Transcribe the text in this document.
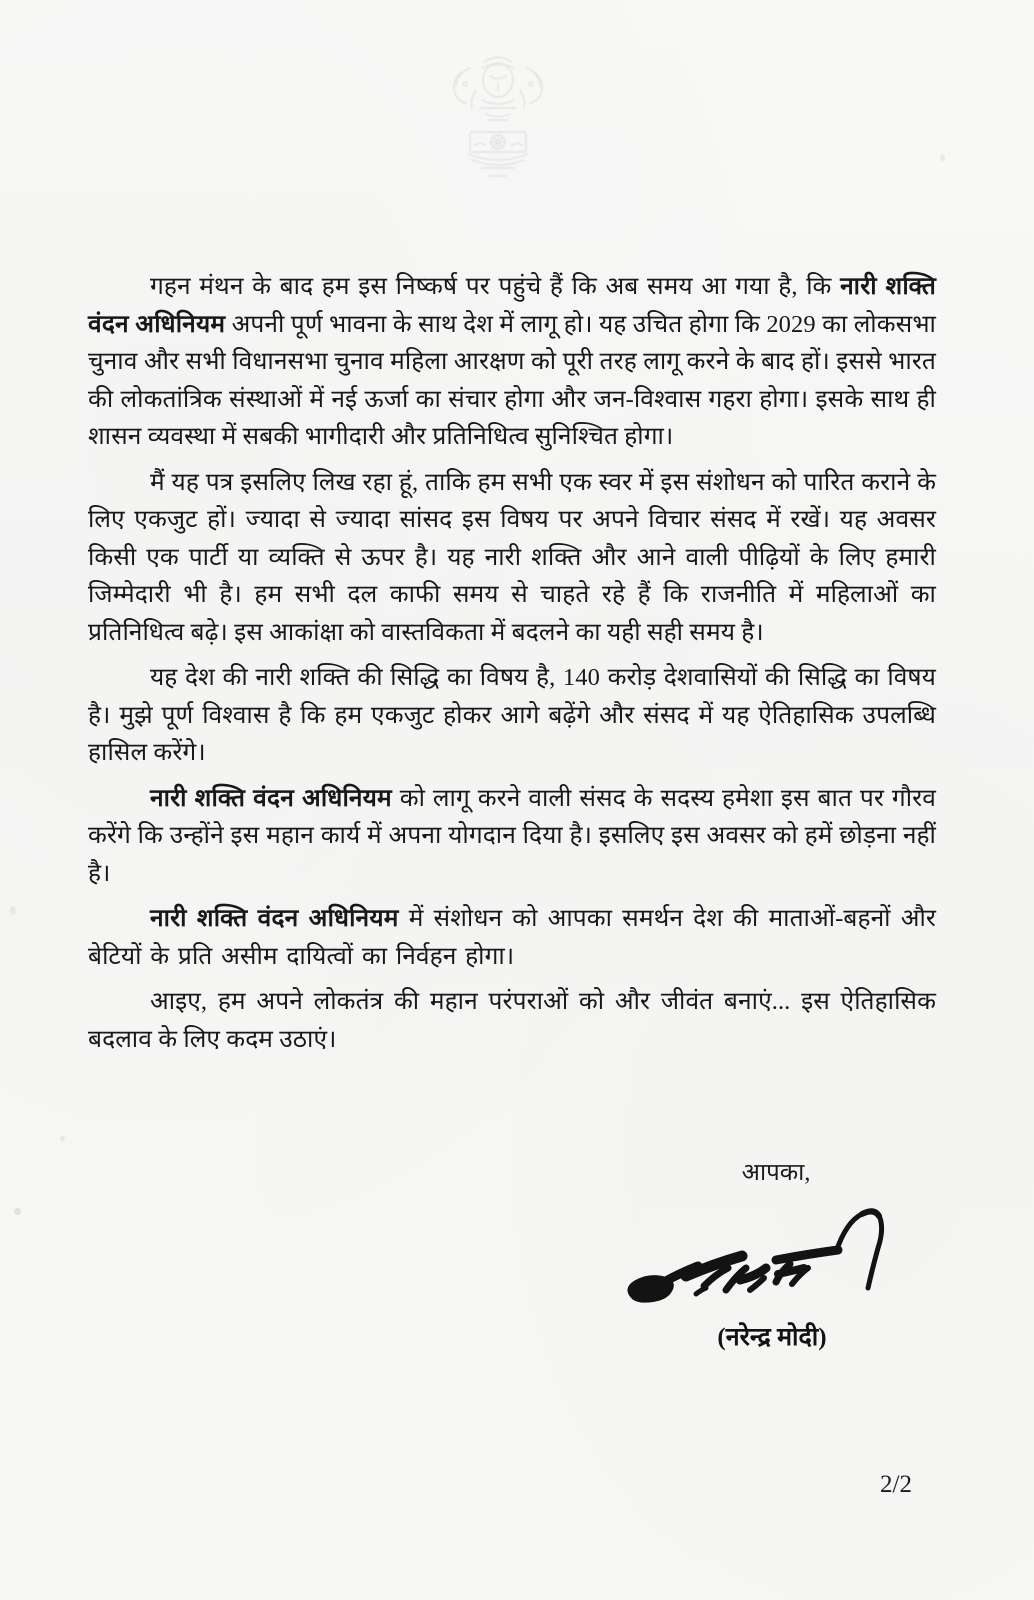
गहन मंथन के बाद हम इस निष्कर्ष पर पहुंचे हैं कि अब समय आ गया है, कि नारी शक्ति वंदन अधिनियम अपनी पूर्ण भावना के साथ देश में लागू हो। यह उचित होगा कि 2029 का लोकसभा चुनाव और सभी विधानसभा चुनाव महिला आरक्षण को पूरी तरह लागू करने के बाद हों। इससे भारत की लोकतांत्रिक संस्थाओं में नई ऊर्जा का संचार होगा और जन-विश्वास गहरा होगा। इसके साथ ही शासन व्यवस्था में सबकी भागीदारी और प्रतिनिधित्व सुनिश्चित होगा।

मैं यह पत्र इसलिए लिख रहा हूं, ताकि हम सभी एक स्वर में इस संशोधन को पारित कराने के लिए एकजुट हों। ज्यादा से ज्यादा सांसद इस विषय पर अपने विचार संसद में रखें। यह अवसर किसी एक पार्टी या व्यक्ति से ऊपर है। यह नारी शक्ति और आने वाली पीढ़ियों के लिए हमारी जिम्मेदारी भी है। हम सभी दल काफी समय से चाहते रहे हैं कि राजनीति में महिलाओं का प्रतिनिधित्व बढ़े। इस आकांक्षा को वास्तविकता में बदलने का यही सही समय है।

यह देश की नारी शक्ति की सिद्धि का विषय है, 140 करोड़ देशवासियों की सिद्धि का विषय है। मुझे पूर्ण विश्वास है कि हम एकजुट होकर आगे बढ़ेंगे और संसद में यह ऐतिहासिक उपलब्धि हासिल करेंगे।

नारी शक्ति वंदन अधिनियम को लागू करने वाली संसद के सदस्य हमेशा इस बात पर गौरव करेंगे कि उन्होंने इस महान कार्य में अपना योगदान दिया है। इसलिए इस अवसर को हमें छोड़ना नहीं है।

नारी शक्ति वंदन अधिनियम में संशोधन को आपका समर्थन देश की माताओं-बहनों और बेटियों के प्रति असीम दायित्वों का निर्वहन होगा।

आइए, हम अपने लोकतंत्र की महान परंपराओं को और जीवंत बनाएं... इस ऐतिहासिक बदलाव के लिए कदम उठाएं।

आपका,

(नरेन्द्र मोदी)

2/2
